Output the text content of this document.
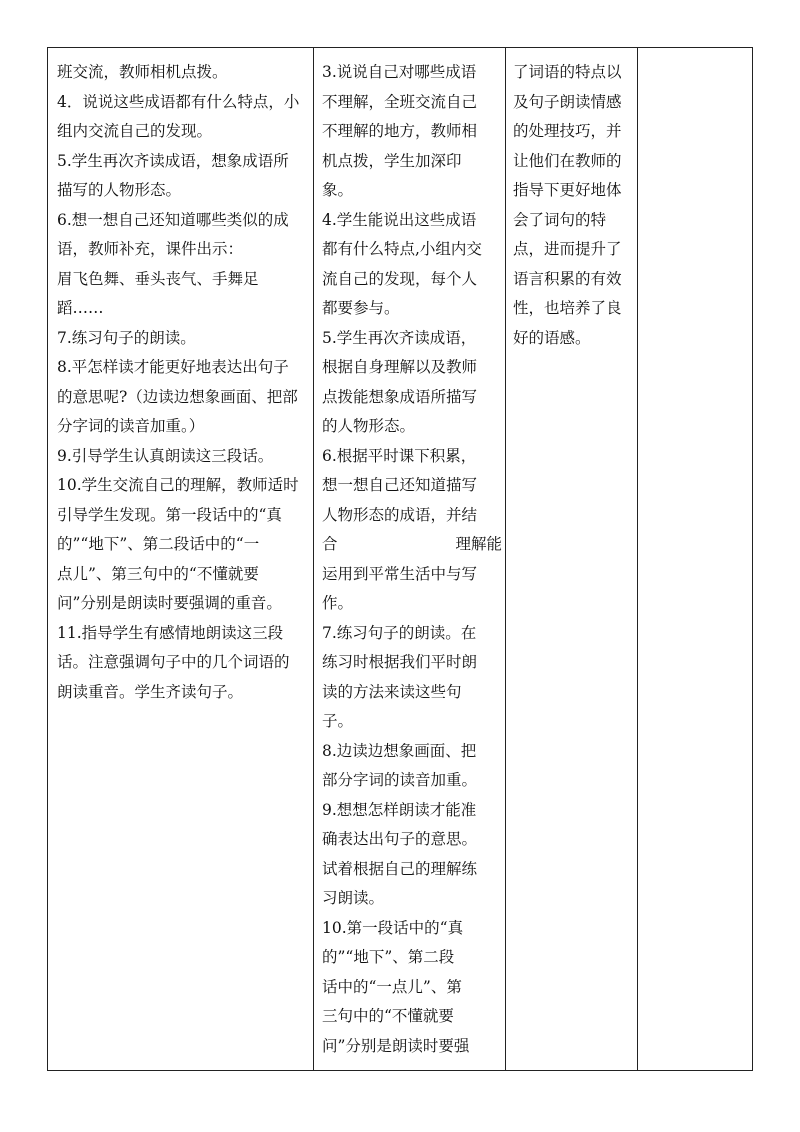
班交流，教师相机点拨。
4．说说这些成语都有什么特点，小
组内交流自己的发现。
5.学生再次齐读成语，想象成语所
描写的人物形态。
6.想一想自己还知道哪些类似的成
语，教师补充，课件出示：
眉飞色舞、垂头丧气、手舞足
蹈……
7.练习句子的朗读。
8.平怎样读才能更好地表达出句子
的意思呢?（边读边想象画面、把部
分字词的读音加重。）
9.引导学生认真朗读这三段话。
10.学生交流自己的理解，教师适时
引导学生发现。第一段话中的“真
的”“地下”、第二段话中的“一
点儿”、第三句中的“不懂就要
问”分别是朗读时要强调的重音。
11.指导学生有感情地朗读这三段
话。注意强调句子中的几个词语的
朗读重音。学生齐读句子。
3.说说自己对哪些成语
不理解，全班交流自己
不理解的地方，教师相
机点拨，学生加深印
象。
4.学生能说出这些成语
都有什么特点,小组内交
流自己的发现，每个人
都要参与。
5.学生再次齐读成语，
根据自身理解以及教师
点拨能想象成语所描写
的人物形态。
6.根据平时课下积累，
想一想自己还知道描写
人物形态的成语，并结
合	理解能
运用到平常生活中与写
作。
7.练习句子的朗读。在
练习时根据我们平时朗
读的方法来读这些句
子。
8.边读边想象画面、把
部分字词的读音加重。
9.想想怎样朗读才能准
确表达出句子的意思。
试着根据自己的理解练
习朗读。
10.第一段话中的“真
的”“地下”、第二段
话中的“一点儿”、第
三句中的“不懂就要
问”分别是朗读时要强
了词语的特点以
及句子朗读情感
的处理技巧，并
让他们在教师的
指导下更好地体
会了词句的特
点，进而提升了
语言积累的有效
性，也培养了良
好的语感。
